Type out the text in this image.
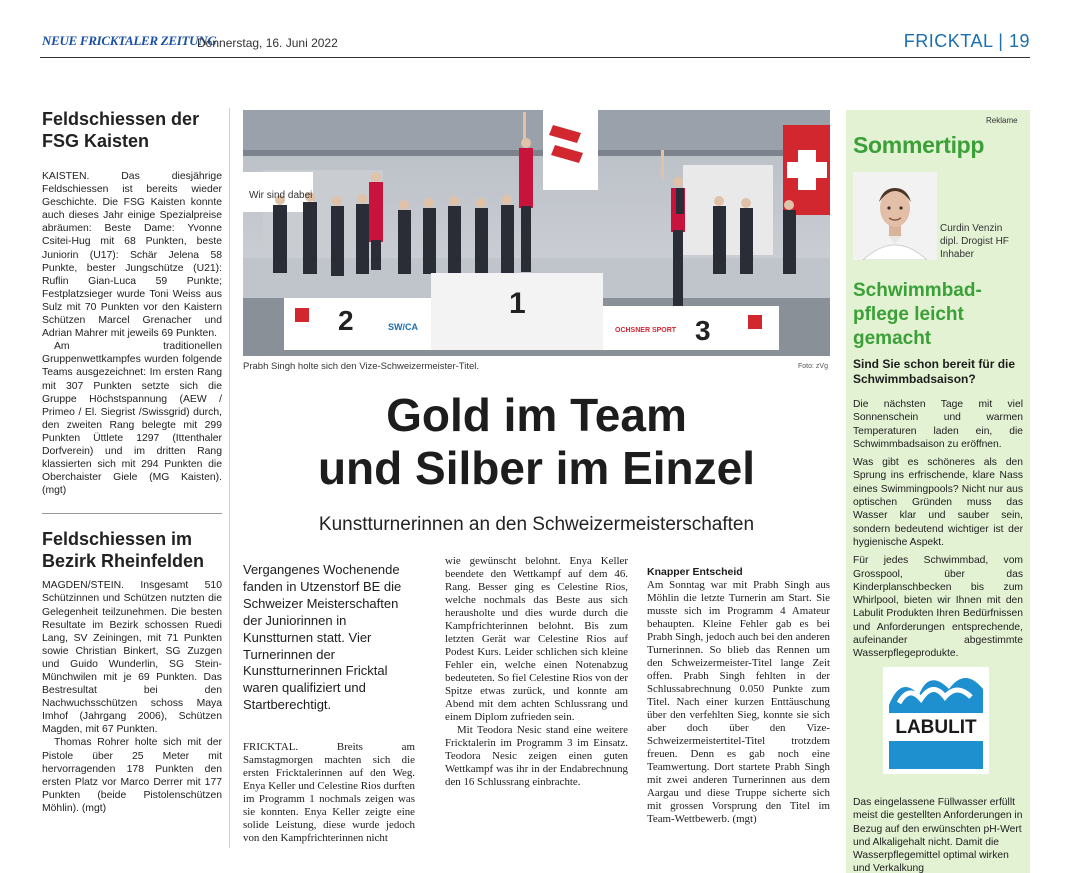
NEUE FRICKTALER ZEITUNG
Donnerstag, 16. Juni 2022	FRICKTAL | 19
Feldschiessen der FSG Kaisten

KAISTEN. Das diesjährige Feldschiessen ist bereits wieder Geschichte. Die FSG Kaisten konnte auch dieses Jahr einige Spezialpreise abräumen: Beste Dame: Yvonne Csitei-Hug mit 68 Punkten, beste Juniorin (U17): Schär Jelena 58 Punkte, bester Jungschütze (U21): Ruflin Gian-Luca 59 Punkte; Festplatzsieger wurde Toni Weiss aus Sulz mit 70 Punkten vor den Kaistern Schützen Marcel Grenacher und Adrian Mahrer mit jeweils 69 Punkten.

Am traditionellen Gruppenwettkampfes wurden folgende Teams ausgezeichnet: Im ersten Rang mit 307 Punkten setzte sich die Gruppe Höchstspannung (AEW / Primeo / El. Siegrist /Swissgrid) durch, den zweiten Rang belegte mit 299 Punkten Üttlete 1297 (Ittenthaler Dorfverein) und im dritten Rang klassierten sich mit 294 Punkten die Oberchaister Giele (MG Kaisten). (mgt)

Feldschiessen im Bezirk Rheinfelden

MAGDEN/STEIN. Insgesamt 510 Schützinnen und Schützen nutzten die Gelegenheit teilzunehmen. Die besten Resultate im Bezirk schossen Ruedi Lang, SV Zeiningen, mit 71 Punkten sowie Christian Binkert, SG Zuzgen und Guido Wunderlin, SG Stein-Münchwilen mit je 69 Punkten. Das Bestresultat bei den Nachwuchsschützen schoss Maya Imhof (Jahrgang 2006), Schützen Magden, mit 67 Punkten.

Thomas Rohrer holte sich mit der Pistole über 25 Meter mit hervorragenden 178 Punkten den ersten Platz vor Marco Derrer mit 177 Punkten (beide Pistolenschützen Möhlin). (mgt)

2
1
3
SW/CA	OCHSNER SPORT
Wir sind dabei
Prabh Singh holte sich den Vize-Schweizermeister-Titel.	Foto: zVg
Gold im Team
und Silber im Einzel
Kunstturnerinnen an den Schweizermeisterschaften
Vergangenes Wochenende fanden in Utzenstorf BE die Schweizer Meisterschaften der Juniorinnen in Kunstturnen statt. Vier Turnerinnen der Kunstturnerinnen Fricktal waren qualifiziert und Startberechtigt.

FRICKTAL. Breits am Samstagmorgen machten sich die ersten Fricktalerinnen auf den Weg. Enya Keller und Celestine Rios durften im Programm 1 nochmals zeigen was sie konnten. Enya Keller zeigte eine solide Leistung, diese wurde jedoch von den Kampfrichterinnen nicht

wie gewünscht belohnt. Enya Keller beendete den Wettkampf auf dem 46. Rang. Besser ging es Celestine Rios, welche nochmals das Beste aus sich herausholte und dies wurde durch die Kampfrichterinnen belohnt. Bis zum letzten Gerät war Celestine Rios auf Podest Kurs. Leider schlichen sich kleine Fehler ein, welche einen Notenabzug bedeuteten. So fiel Celestine Rios von der Spitze etwas zurück, und konnte am Abend mit dem achten Schlussrang und einem Diplom zufrieden sein.

Mit Teodora Nesic stand eine weitere Fricktalerin im Programm 3 im Einsatz. Teodora Nesic zeigen einen guten Wettkampf was ihr in der Endabrechnung den 16 Schlussrang einbrachte.

Knapper Entscheid

Am Sonntag war mit Prabh Singh aus Möhlin die letzte Turnerin am Start. Sie musste sich im Programm 4 Amateur behaupten. Kleine Fehler gab es bei Prabh Singh, jedoch auch bei den anderen Turnerinnen. So blieb das Rennen um den Schweizermeister-Titel lange Zeit offen. Prabh Singh fehlten in der Schlussabrechnung 0.050 Punkte zum Titel. Nach einer kurzen Enttäuschung über den verfehlten Sieg, konnte sie sich aber doch über den Vize-Schweizermeistertitel-Titel trotzdem freuen. Denn es gab noch eine Teamwertung. Dort startete Prabh Singh mit zwei anderen Turnerinnen aus dem Aargau und diese Truppe sicherte sich mit grossen Vorsprung den Titel im Team-Wettbewerb. (mgt)

Reklame
Sommertipp
Curdin Venzin
dipl. Drogist HF
Inhaber
Schwimmbad-pflege leicht gemacht
Sind Sie schon bereit für die Schwimmbadsaison?

Die nächsten Tage mit viel Sonnenschein und warmen Temperaturen laden ein, die Schwimmbadsaison zu eröffnen.

Was gibt es schöneres als den Sprung ins erfrischende, klare Nass eines Swimmingpools? Nicht nur aus optischen Gründen muss das Wasser klar und sauber sein, sondern bedeutend wichtiger ist der hygienische Aspekt.

Für jedes Schwimmbad, vom Grosspool, über das Kinderplanschbecken bis zum Whirlpool, bieten wir Ihnen mit den Labulit Produkten Ihren Bedürfnissen und Anforderungen entsprechende, aufeinander abgestimmte Wasserpflegeprodukte.

LABULIT
Das eingelassene Füllwasser erfüllt meist die gestellten Anforderungen in Bezug auf den erwünschten pH-Wert und Alkaligehalt nicht. Damit die Wasserpflegemittel optimal wirken und Verkalkung
